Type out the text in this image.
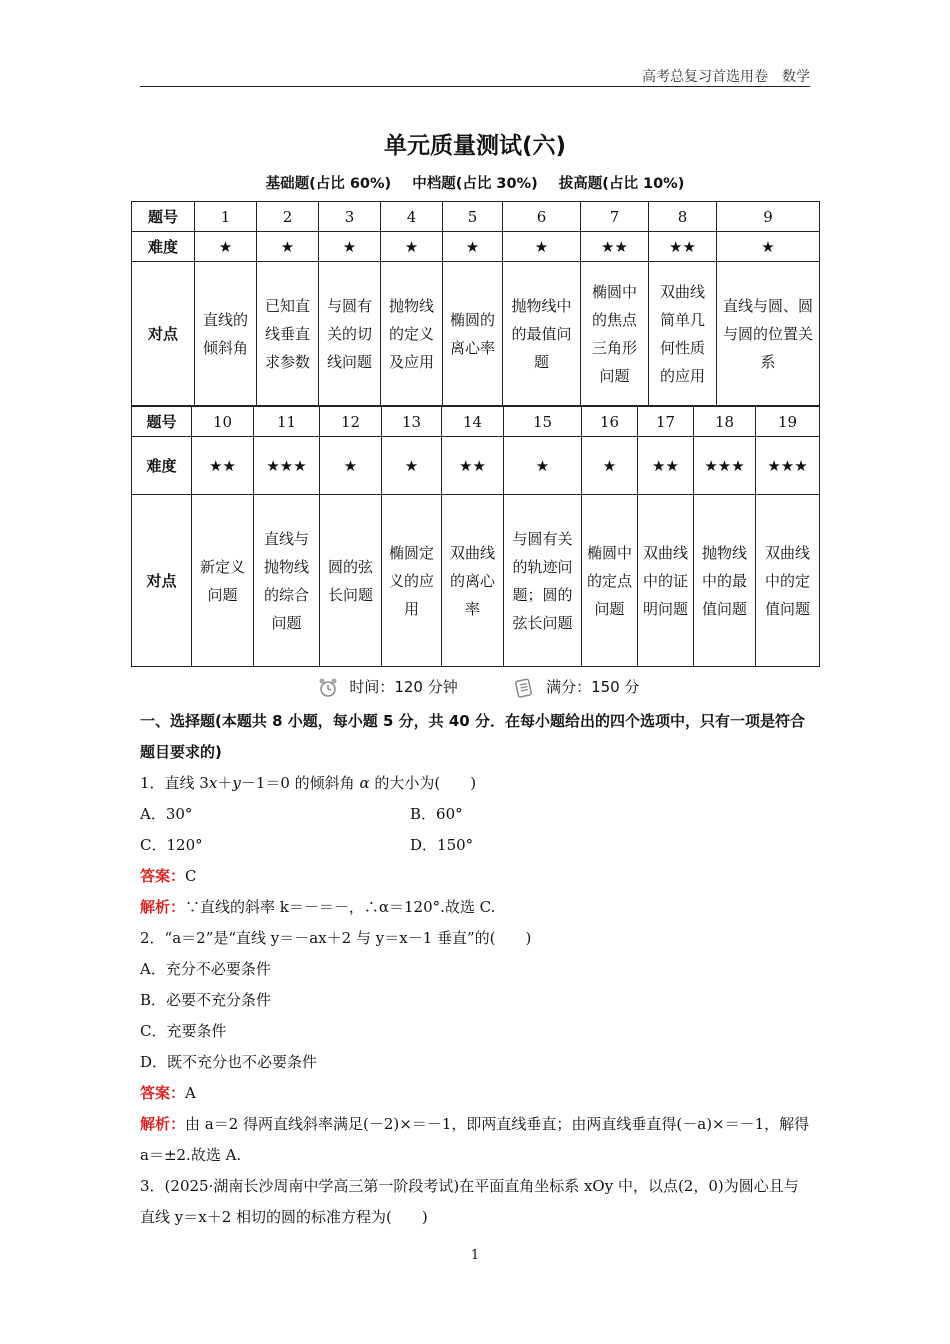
高考总复习首选用卷　数学
单元质量测试(六)
基础题(占比 60%) 中档题(占比 30%) 拔高题(占比 10%)
题号	1	2	3	4	5	6	7	8	9
难度	★	★	★	★	★	★	★★	★★	★
对点	直线的倾斜角	已知直线垂直求参数	与圆有关的切线问题	抛物线的定义及应用	椭圆的离心率	抛物线中的最值问题	椭圆中的焦点三角形问题	双曲线简单几何性质的应用	直线与圆、圆与圆的位置关系
题号	10	11	12	13	14	15	16	17	18	19
难度	★★	★★★	★	★	★★	★	★	★★	★★★	★★★
对点	新定义问题	直线与抛物线的综合问题	圆的弦长问题	椭圆定义的应用	双曲线的离心率	与圆有关的轨迹问题；圆的弦长问题	椭圆中的定点问题	双曲线中的证明问题	抛物线中的最值问题	双曲线中的定值问题
时间：120 分钟	满分：150 分
一、选择题(本题共 8 小题，每小题 5 分，共 40 分．在每小题给出的四个选项中，只有一项是符合题目要求的)
1．直线 3x＋y－1＝0 的倾斜角 α 的大小为(　　)
A．30°	B．60°
C．120°	D．150°
答案：C
解析：∵直线的斜率 k＝－＝－，∴α＝120°.故选 C.
2．“a＝2”是“直线 y＝－ax＋2 与 y＝x－1 垂直”的(　　)
A．充分不必要条件
B．必要不充分条件
C．充要条件
D．既不充分也不必要条件
答案：A
解析：由 a＝2 得两直线斜率满足(－2)×＝－1，即两直线垂直；由两直线垂直得(－a)×＝－1，解得 a＝±2.故选 A.
3．(2025·湖南长沙周南中学高三第一阶段考试)在平面直角坐标系 xOy 中，以点(2，0)为圆心且与直线 y＝x＋2 相切的圆的标准方程为(　　)
1
